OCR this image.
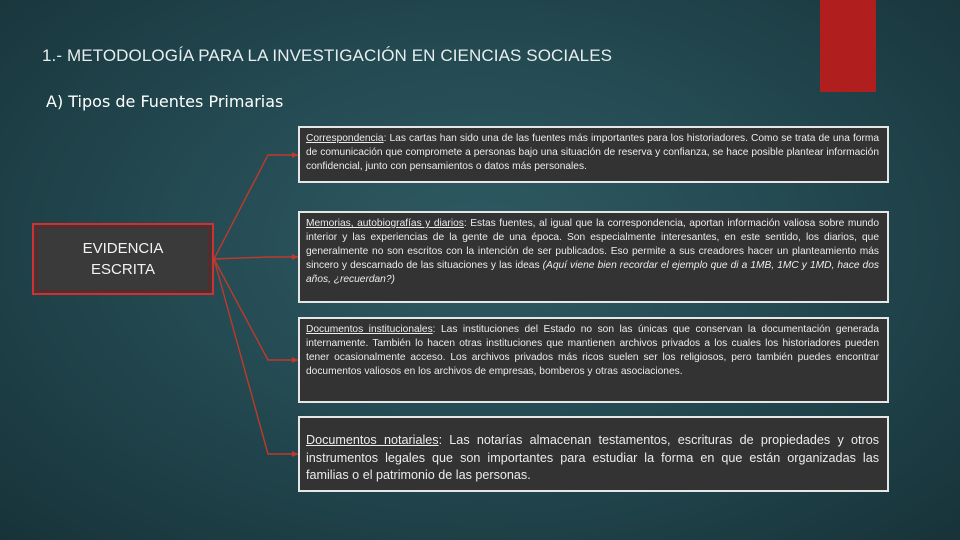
1.- METODOLOGÍA PARA LA INVESTIGACIÓN EN CIENCIAS SOCIALES
A) Tipos de Fuentes Primarias
EVIDENCIA ESCRITA
Correspondencia: Las cartas han sido una de las fuentes más importantes para los historiadores. Como se trata de una forma de comunicación que compromete a personas bajo una situación de reserva y confianza, se hace posible plantear información confidencial, junto con pensamientos o datos más personales.
Memorias, autobiografías y diarios: Estas fuentes, al igual que la correspondencia, aportan información valiosa sobre mundo interior y las experiencias de la gente de una época. Son especialmente interesantes, en este sentido, los diarios, que generalmente no son escritos con la intención de ser publicados. Eso permite a sus creadores hacer un planteamiento más sincero y descarnado de las situaciones y las ideas (Aquí viene bien recordar el ejemplo que di a 1MB, 1MC y 1MD, hace dos años, ¿recuerdan?)
Documentos institucionales: Las instituciones del Estado no son las únicas que conservan la documentación generada internamente. También lo hacen otras instituciones que mantienen archivos privados a los cuales los historiadores pueden tener ocasionalmente acceso. Los archivos privados más ricos suelen ser los religiosos, pero también puedes encontrar documentos valiosos en los archivos de empresas, bomberos y otras asociaciones.
Documentos notariales: Las notarías almacenan testamentos, escrituras de propiedades y otros instrumentos legales que son importantes para estudiar la forma en que están organizadas las familias o el patrimonio de las personas.
